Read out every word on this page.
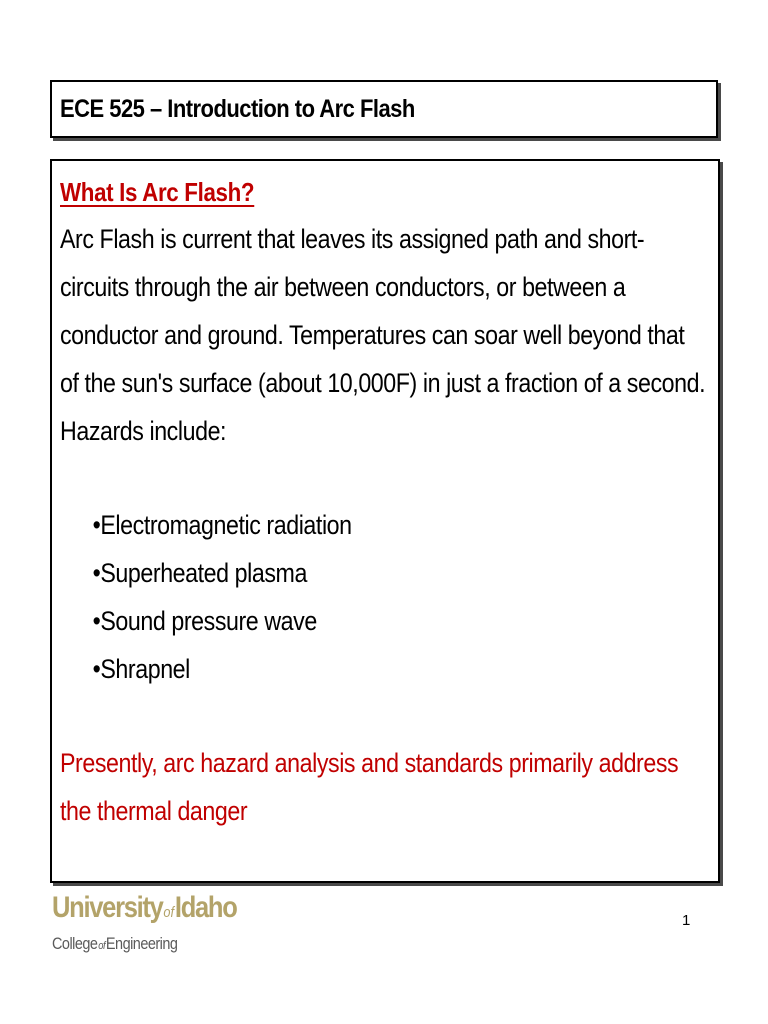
ECE 525 – Introduction to Arc Flash
What Is Arc Flash?
Arc Flash is current that leaves its assigned path and short-circuits through the air between conductors, or between a conductor and ground. Temperatures can soar well beyond that of the sun's surface (about 10,000F) in just a fraction of a second. Hazards include:
•Electromagnetic radiation
•Superheated plasma
•Sound pressure wave
•Shrapnel
Presently, arc hazard analysis and standards primarily address the thermal danger
UniversityofIdaho
CollegeofEngineering
1
